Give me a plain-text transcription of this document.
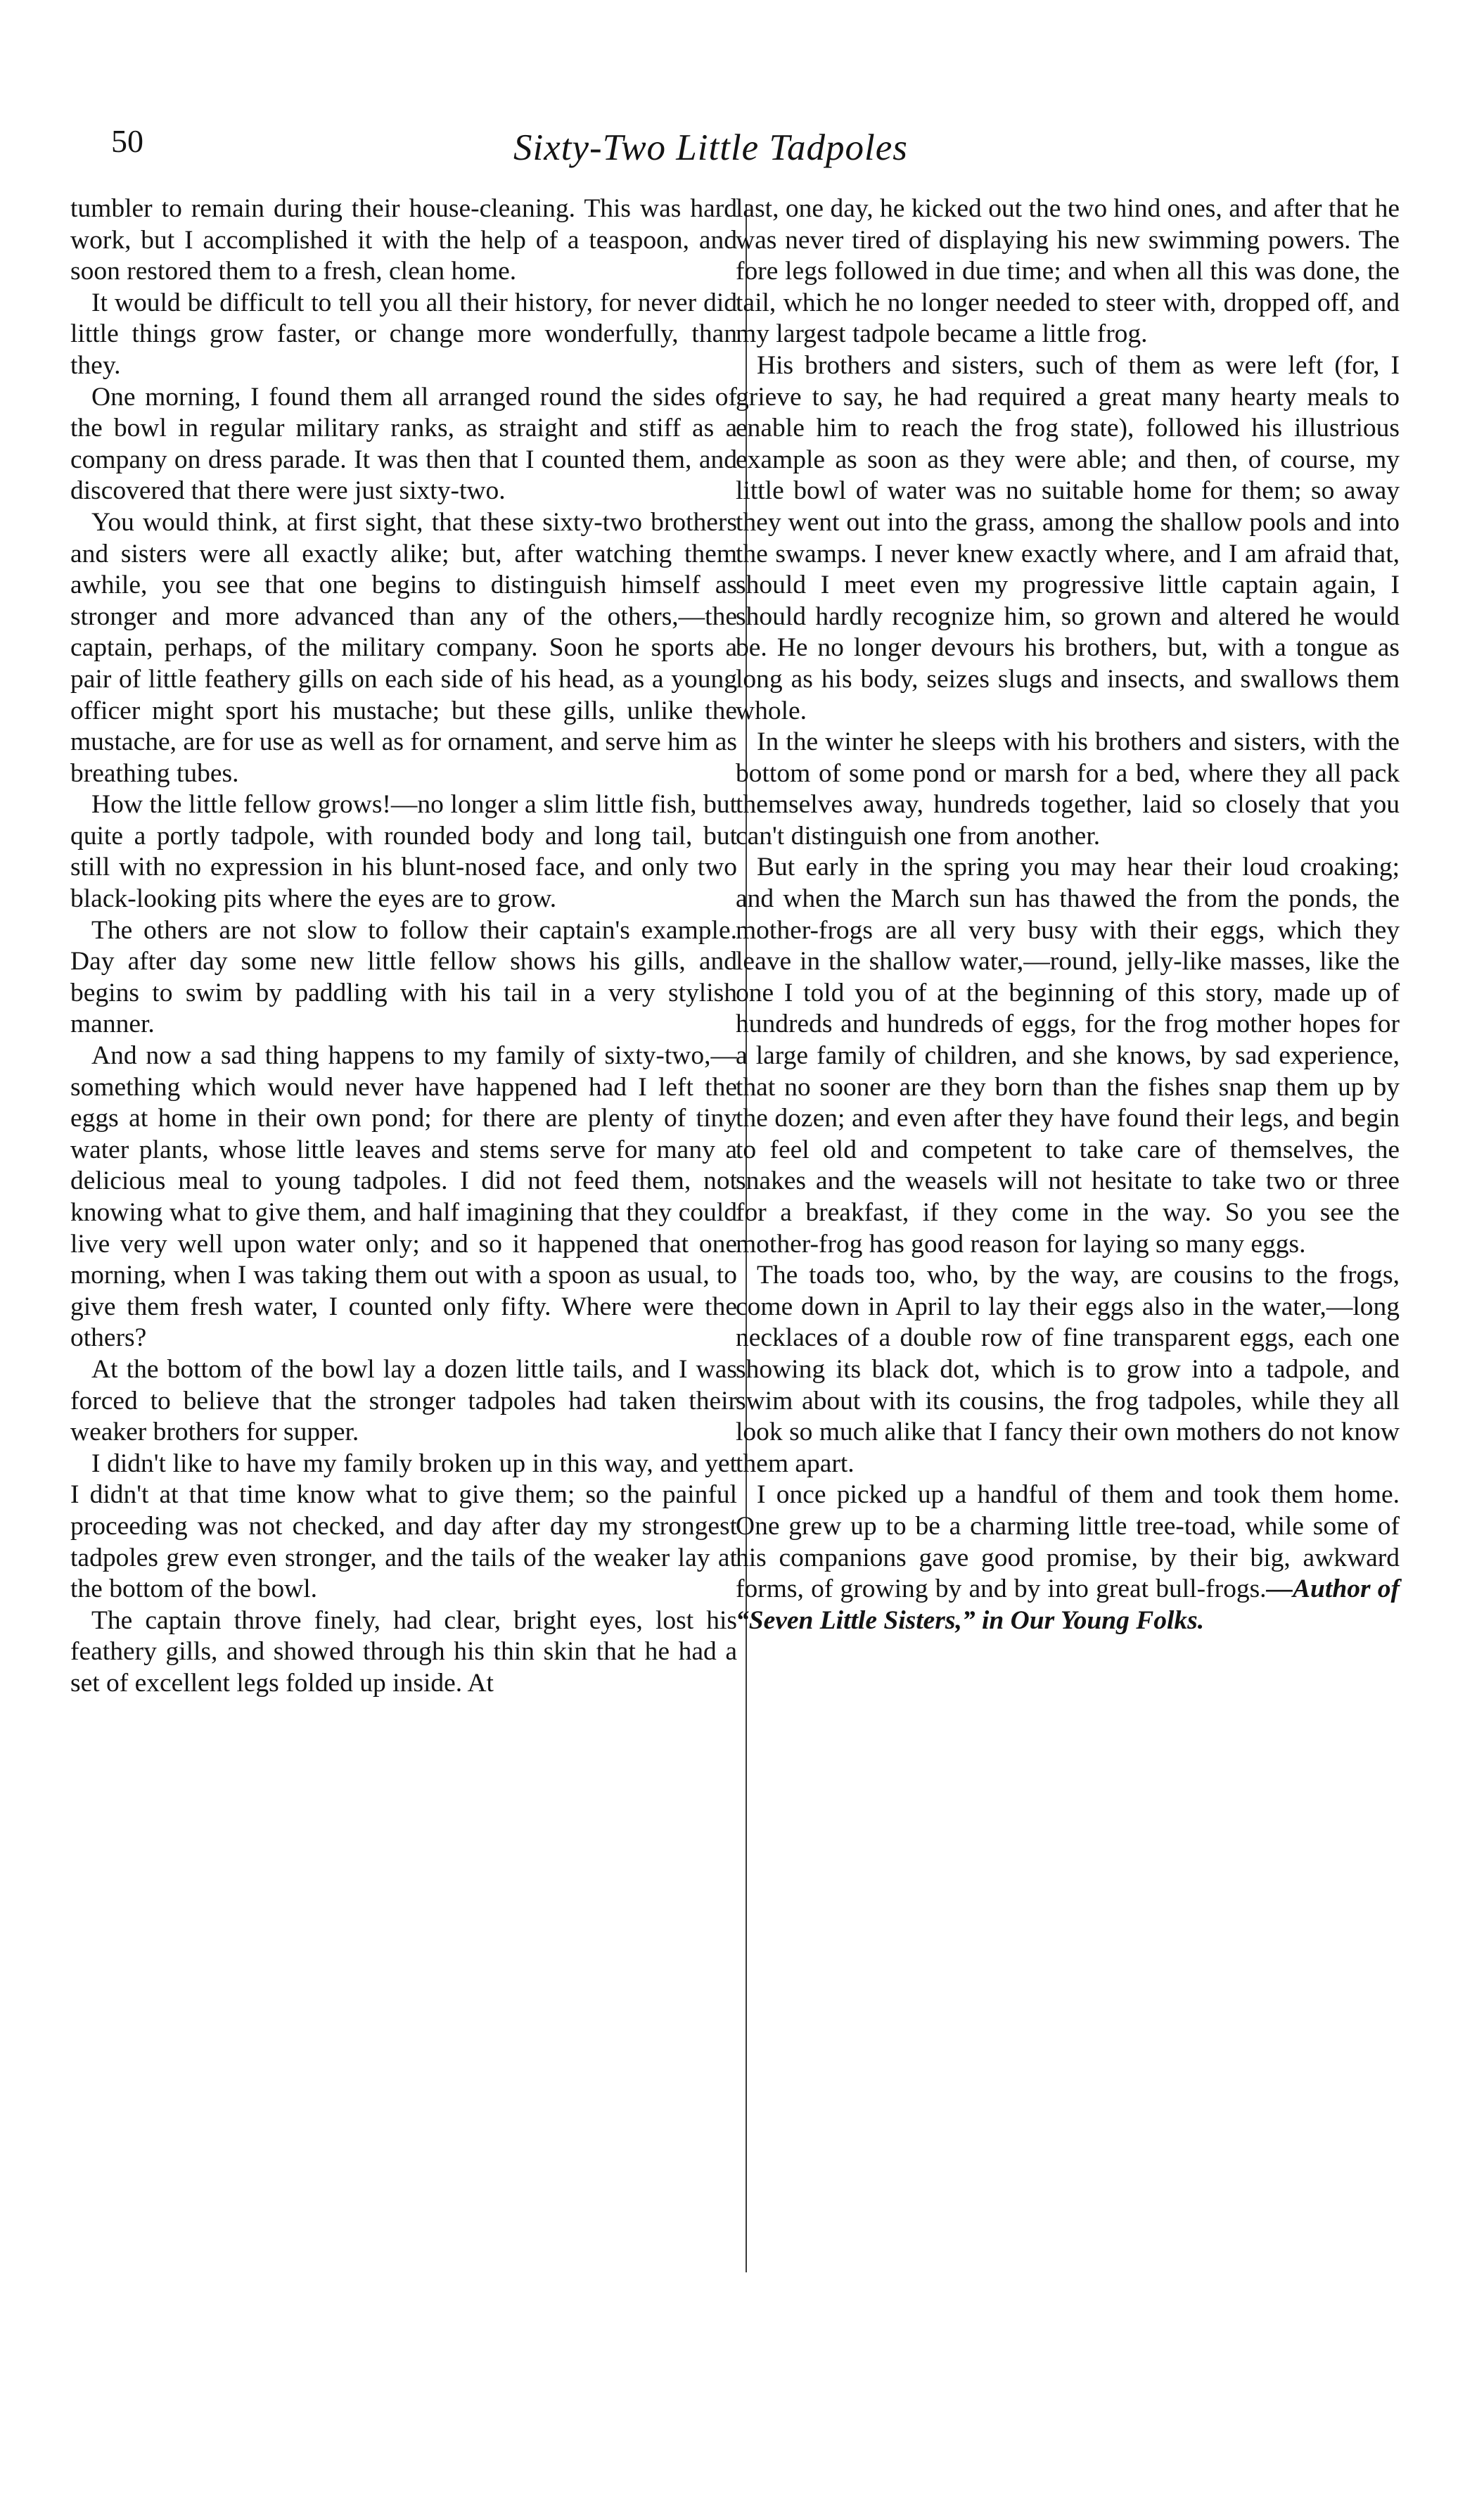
50	Sixty-Two Little Tadpoles

tumbler to remain during their house-cleaning. This was hard work, but I accomplished it with the help of a teaspoon, and soon restored them to a fresh, clean home.

It would be difficult to tell you all their history, for never did little things grow faster, or change more wonderfully, than they.

One morning, I found them all arranged round the sides of the bowl in regular military ranks, as straight and stiff as a company on dress parade. It was then that I counted them, and discovered that there were just sixty-two.

You would think, at first sight, that these sixty-two brothers and sisters were all exactly alike; but, after watching them awhile, you see that one begins to distinguish himself as stronger and more advanced than any of the others,—the captain, perhaps, of the military company. Soon he sports a pair of little feathery gills on each side of his head, as a young officer might sport his mustache; but these gills, unlike the mustache, are for use as well as for ornament, and serve him as breathing tubes.

How the little fellow grows!—no longer a slim little fish, but quite a portly tadpole, with rounded body and long tail, but still with no expression in his blunt-nosed face, and only two black-looking pits where the eyes are to grow.

The others are not slow to follow their captain's example. Day after day some new little fellow shows his gills, and begins to swim by paddling with his tail in a very stylish manner.

And now a sad thing happens to my family of sixty-two,—something which would never have happened had I left the eggs at home in their own pond; for there are plenty of tiny water plants, whose little leaves and stems serve for many a delicious meal to young tadpoles. I did not feed them, not knowing what to give them, and half imagining that they could live very well upon water only; and so it happened that one morning, when I was taking them out with a spoon as usual, to give them fresh water, I counted only fifty. Where were the others?

At the bottom of the bowl lay a dozen little tails, and I was forced to believe that the stronger tadpoles had taken their weaker brothers for supper.

I didn't like to have my family broken up in this way, and yet I didn't at that time know what to give them; so the painful proceeding was not checked, and day after day my strongest tadpoles grew even stronger, and the tails of the weaker lay at the bottom of the bowl.

The captain throve finely, had clear, bright eyes, lost his feathery gills, and showed through his thin skin that he had a set of excellent legs folded up inside. At

last, one day, he kicked out the two hind ones, and after that he was never tired of displaying his new swimming powers. The fore legs followed in due time; and when all this was done, the tail, which he no longer needed to steer with, dropped off, and my largest tadpole became a little frog.

His brothers and sisters, such of them as were left (for, I grieve to say, he had required a great many hearty meals to enable him to reach the frog state), followed his illustrious example as soon as they were able; and then, of course, my little bowl of water was no suitable home for them; so away they went out into the grass, among the shallow pools and into the swamps. I never knew exactly where, and I am afraid that, should I meet even my progressive little captain again, I should hardly recognize him, so grown and altered he would be. He no longer devours his brothers, but, with a tongue as long as his body, seizes slugs and insects, and swallows them whole.

In the winter he sleeps with his brothers and sisters, with the bottom of some pond or marsh for a bed, where they all pack themselves away, hundreds together, laid so closely that you can't distinguish one from another.

But early in the spring you may hear their loud croaking; and when the March sun has thawed the from the ponds, the mother-frogs are all very busy with their eggs, which they leave in the shallow water,—round, jelly-like masses, like the one I told you of at the beginning of this story, made up of hundreds and hundreds of eggs, for the frog mother hopes for a large family of children, and she knows, by sad experience, that no sooner are they born than the fishes snap them up by the dozen; and even after they have found their legs, and begin to feel old and competent to take care of themselves, the snakes and the weasels will not hesitate to take two or three for a breakfast, if they come in the way. So you see the mother-frog has good reason for laying so many eggs.

The toads too, who, by the way, are cousins to the frogs, come down in April to lay their eggs also in the water,—long necklaces of a double row of fine transparent eggs, each one showing its black dot, which is to grow into a tadpole, and swim about with its cousins, the frog tadpoles, while they all look so much alike that I fancy their own mothers do not know them apart.

I once picked up a handful of them and took them home. One grew up to be a charming little tree-toad, while some of his companions gave good promise, by their big, awkward forms, of growing by and by into great bull-frogs.—Author of “Seven Little Sisters,” in Our Young Folks.
